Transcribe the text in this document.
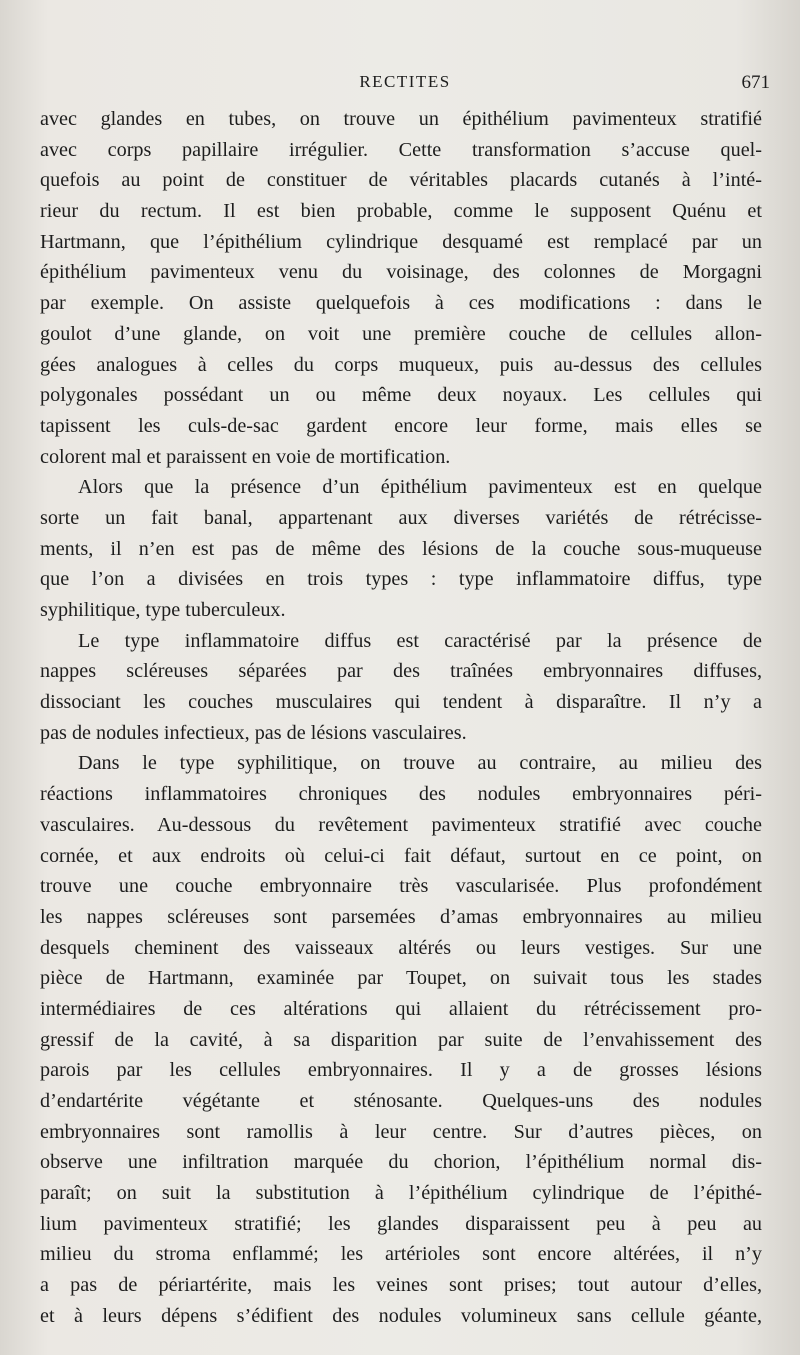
RECTITES	671
avec glandes en tubes, on trouve un épithélium pavimenteux stratifié
avec corps papillaire irrégulier. Cette transformation s’accuse quel-
quefois au point de constituer de véritables placards cutanés à l’inté-
rieur du rectum. Il est bien probable, comme le supposent Quénu et
Hartmann, que l’épithélium cylindrique desquamé est remplacé par un
épithélium pavimenteux venu du voisinage, des colonnes de Morgagni
par exemple. On assiste quelquefois à ces modifications : dans le
goulot d’une glande, on voit une première couche de cellules allon-
gées analogues à celles du corps muqueux, puis au-dessus des cellules
polygonales possédant un ou même deux noyaux. Les cellules qui
tapissent les culs-de-sac gardent encore leur forme, mais elles se
colorent mal et paraissent en voie de mortification.
Alors que la présence d’un épithélium pavimenteux est en quelque
sorte un fait banal, appartenant aux diverses variétés de rétrécisse-
ments, il n’en est pas de même des lésions de la couche sous-muqueuse
que l’on a divisées en trois types : type inflammatoire diffus, type
syphilitique, type tuberculeux.
Le type inflammatoire diffus est caractérisé par la présence de
nappes scléreuses séparées par des traînées embryonnaires diffuses,
dissociant les couches musculaires qui tendent à disparaître. Il n’y a
pas de nodules infectieux, pas de lésions vasculaires.
Dans le type syphilitique, on trouve au contraire, au milieu des
réactions inflammatoires chroniques des nodules embryonnaires péri-
vasculaires. Au-dessous du revêtement pavimenteux stratifié avec couche
cornée, et aux endroits où celui-ci fait défaut, surtout en ce point, on
trouve une couche embryonnaire très vascularisée. Plus profondément
les nappes scléreuses sont parsemées d’amas embryonnaires au milieu
desquels cheminent des vaisseaux altérés ou leurs vestiges. Sur une
pièce de Hartmann, examinée par Toupet, on suivait tous les stades
intermédiaires de ces altérations qui allaient du rétrécissement pro-
gressif de la cavité, à sa disparition par suite de l’envahissement des
parois par les cellules embryonnaires. Il y a de grosses lésions
d’endartérite végétante et sténosante. Quelques-uns des nodules
embryonnaires sont ramollis à leur centre. Sur d’autres pièces, on
observe une infiltration marquée du chorion, l’épithélium normal dis-
paraît; on suit la substitution à l’épithélium cylindrique de l’épithé-
lium pavimenteux stratifié; les glandes disparaissent peu à peu au
milieu du stroma enflammé; les artérioles sont encore altérées, il n’y
a pas de périartérite, mais les veines sont prises; tout autour d’elles,
et à leurs dépens s’édifient des nodules volumineux sans cellule géante,
